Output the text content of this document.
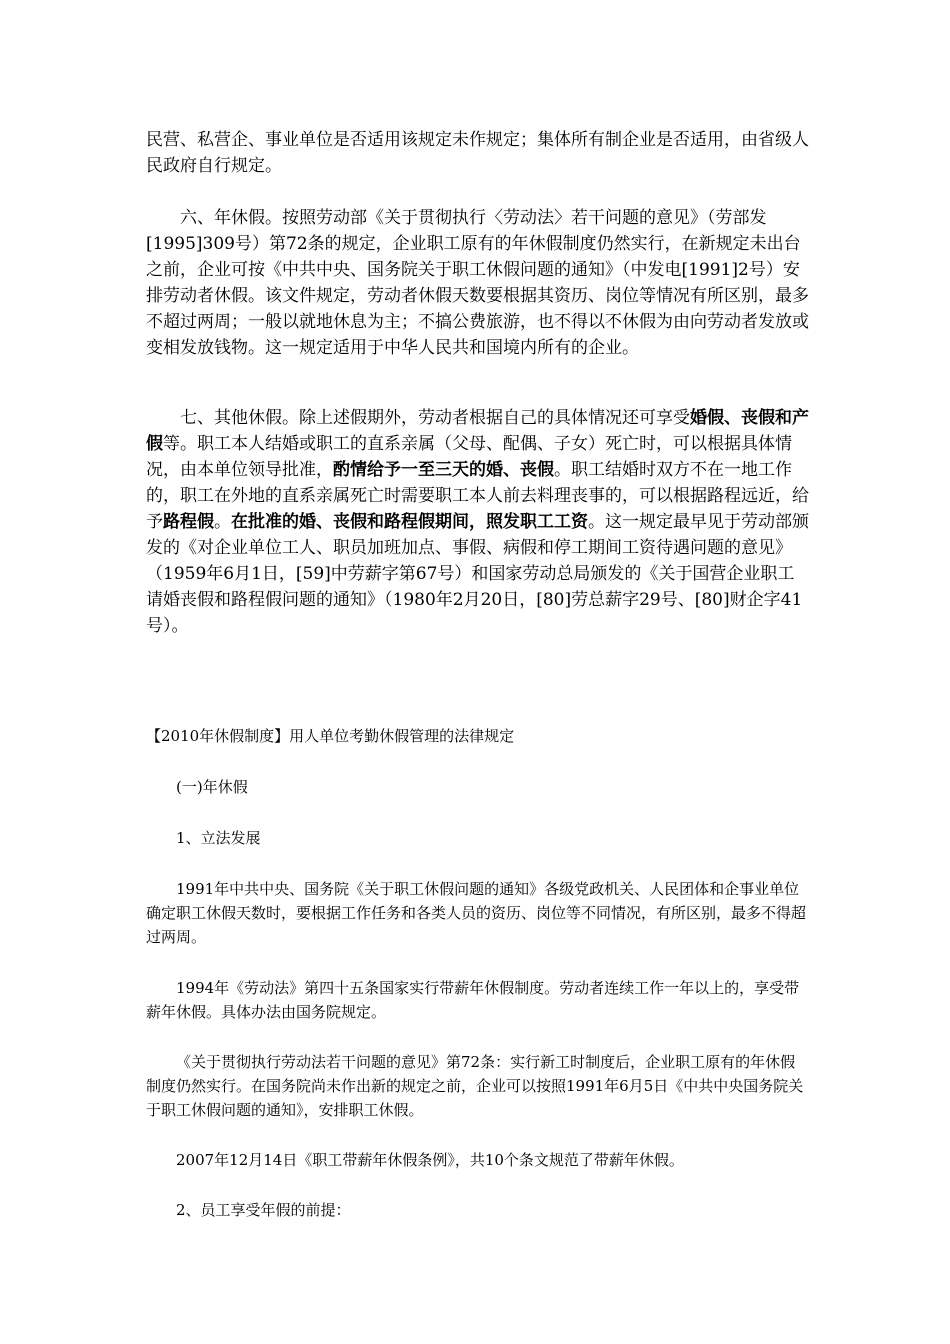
民营、私营企、事业单位是否适用该规定未作规定；集体所有制企业是否适用，由省级人民政府自行规定。

六、年休假。按照劳动部《关于贯彻执行〈劳动法〉若干问题的意见》（劳部发[1995]309号）第72条的规定，企业职工原有的年休假制度仍然实行，在新规定未出台之前，企业可按《中共中央、国务院关于职工休假问题的通知》（中发电[1991]2号）安排劳动者休假。该文件规定，劳动者休假天数要根据其资历、岗位等情况有所区别，最多不超过两周；一般以就地休息为主；不搞公费旅游，也不得以不休假为由向劳动者发放或变相发放钱物。这一规定适用于中华人民共和国境内所有的企业。

七、其他休假。除上述假期外，劳动者根据自己的具体情况还可享受婚假、丧假和产假等。职工本人结婚或职工的直系亲属（父母、配偶、子女）死亡时，可以根据具体情况，由本单位领导批准，酌情给予一至三天的婚、丧假。职工结婚时双方不在一地工作的，职工在外地的直系亲属死亡时需要职工本人前去料理丧事的，可以根据路程远近，给予路程假。在批准的婚、丧假和路程假期间，照发职工工资。这一规定最早见于劳动部颁发的《对企业单位工人、职员加班加点、事假、病假和停工期间工资待遇问题的意见》（1959年6月1日，[59]中劳薪字第67号）和国家劳动总局颁发的《关于国营企业职工请婚丧假和路程假问题的通知》（1980年2月20日，[80]劳总薪字29号、[80]财企字41号）。

【2010年休假制度】用人单位考勤休假管理的法律规定

(一)年休假

1、立法发展

1991年中共中央、国务院《关于职工休假问题的通知》各级党政机关、人民团体和企事业单位确定职工休假天数时，要根据工作任务和各类人员的资历、岗位等不同情况，有所区别，最多不得超过两周。

1994年《劳动法》第四十五条国家实行带薪年休假制度。劳动者连续工作一年以上的，享受带薪年休假。具体办法由国务院规定。

《关于贯彻执行劳动法若干问题的意见》第72条：实行新工时制度后，企业职工原有的年休假制度仍然实行。在国务院尚未作出新的规定之前，企业可以按照1991年6月5日《中共中央国务院关于职工休假问题的通知》，安排职工休假。

2007年12月14日《职工带薪年休假条例》，共10个条文规范了带薪年休假。

2、员工享受年假的前提：
